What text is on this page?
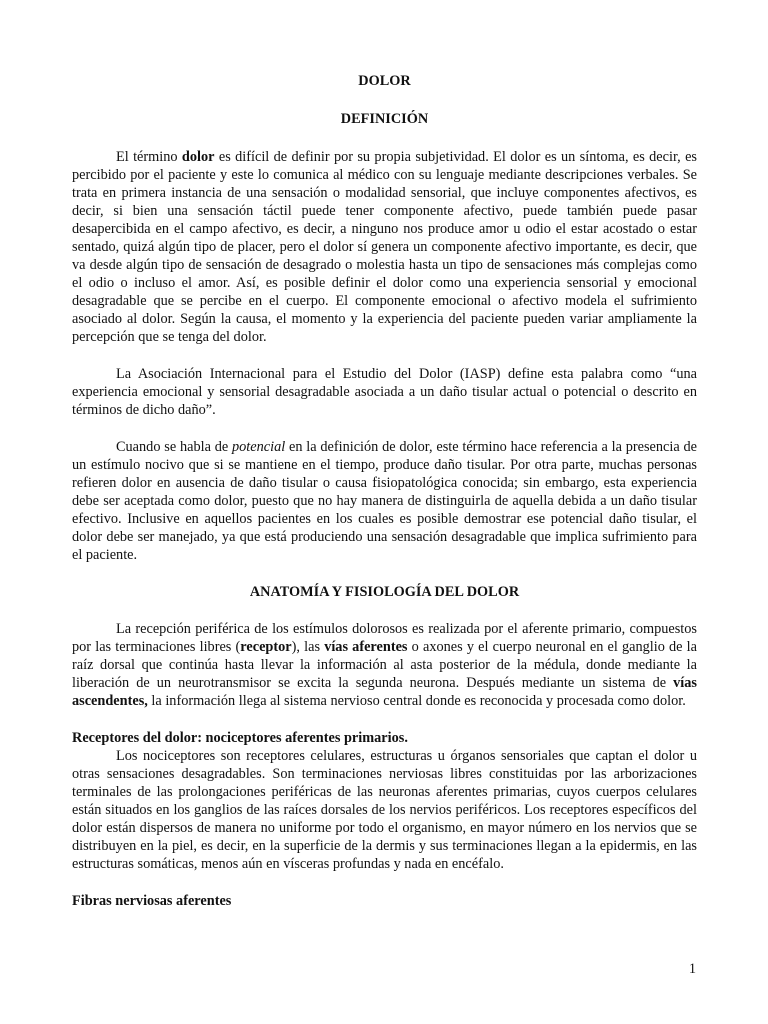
DOLOR

DEFINICIÓN

El término dolor es difícil de definir por su propia subjetividad. El dolor es un síntoma, es decir, es percibido por el paciente y este lo comunica al médico con su lenguaje mediante descripciones verbales. Se trata en primera instancia de una sensación o modalidad sensorial, que incluye componentes afectivos, es decir, si bien una sensación táctil puede tener componente afectivo, puede también puede pasar desapercibida en el campo afectivo, es decir, a ninguno nos produce amor u odio el estar acostado o estar sentado, quizá algún tipo de placer, pero el dolor sí genera un componente afectivo importante, es decir, que va desde algún tipo de sensación de desagrado o molestia hasta un tipo de sensaciones más complejas como el odio o incluso el amor. Así, es posible definir el dolor como una experiencia sensorial y emocional desagradable que se percibe en el cuerpo. El componente emocional o afectivo modela el sufrimiento asociado al dolor. Según la causa, el momento y la experiencia del paciente pueden variar ampliamente la percepción que se tenga del dolor.

La Asociación Internacional para el Estudio del Dolor (IASP) define esta palabra como “una experiencia emocional y sensorial desagradable asociada a un daño tisular actual o potencial o descrito en términos de dicho daño”.

Cuando se habla de potencial en la definición de dolor, este término hace referencia a la presencia de un estímulo nocivo que si se mantiene en el tiempo, produce daño tisular. Por otra parte, muchas personas refieren dolor en ausencia de daño tisular o causa fisiopatológica conocida; sin embargo, esta experiencia debe ser aceptada como dolor, puesto que no hay manera de distinguirla de aquella debida a un daño tisular efectivo. Inclusive en aquellos pacientes en los cuales es posible demostrar ese potencial daño tisular, el dolor debe ser manejado, ya que está produciendo una sensación desagradable que implica sufrimiento para el paciente.

ANATOMÍA Y FISIOLOGÍA DEL DOLOR

La recepción periférica de los estímulos dolorosos es realizada por el aferente primario, compuestos por las terminaciones libres (receptor), las vías aferentes o axones y el cuerpo neuronal en el ganglio de la raíz dorsal que continúa hasta llevar la información al asta posterior de la médula, donde mediante la liberación de un neurotransmisor se excita la segunda neurona. Después mediante un sistema de vías ascendentes, la información llega al sistema nervioso central donde es reconocida y procesada como dolor.

Receptores del dolor: nociceptores aferentes primarios.

Los nociceptores son receptores celulares, estructuras u órganos sensoriales que captan el dolor u otras sensaciones desagradables. Son terminaciones nerviosas libres constituidas por las arborizaciones terminales de las prolongaciones periféricas de las neuronas aferentes primarias, cuyos cuerpos celulares están situados en los ganglios de las raíces dorsales de los nervios periféricos. Los receptores específicos del dolor están dispersos de manera no uniforme por todo el organismo, en mayor número en los nervios que se distribuyen en la piel, es decir, en la superficie de la dermis y sus terminaciones llegan a la epidermis, en las estructuras somáticas, menos aún en vísceras profundas y nada en encéfalo.

Fibras nerviosas aferentes

1
